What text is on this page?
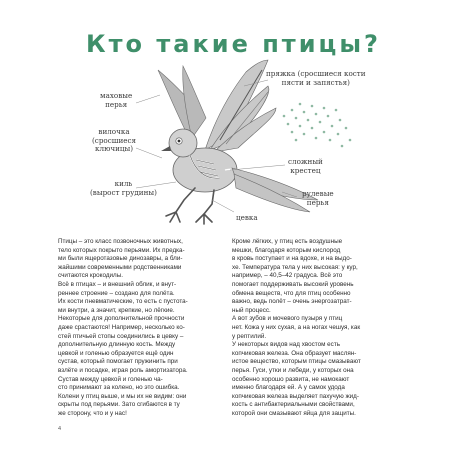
Кто такие птицы?
маховые
перья
вилочка
(сросшиеся
ключицы)
киль
(вырост грудины)
пряжка (сросшиеся кости
пясти и запястья)
сложный
крестец
рулевые
перья
цевка

Птицы – это класс позвоночных животных,
тело которых покрыто перьями. Их предка-
ми были ящеротазовые динозавры, а бли-
жайшими современными родственниками
считаются крокодилы.
Всё в птицах – и внешний облик, и внут-
реннее строение – создано для полёта.
Их кости пневматические, то есть с пустота-
ми внутри, а значит, крепкие, но лёгкие.
Некоторые для дополнительной прочности
даже срастаются! Например, несколько ко-
стей птичьей стопы соединились в цевку –
дополнительную длинную кость. Между
цевкой и голенью образуется ещё один
сустав, который помогает пружинить при
взлёте и посадке, играя роль амортизатора.
Сустав между цевкой и голенью ча-
сто принимают за колено, но это ошибка.
Колени у птиц выше, и мы их не видим: они
скрыты под перьями. Зато сгибаются в ту
же сторону, что и у нас!

Кроме лёгких, у птиц есть воздушные
мешки, благодаря которым кислород
в кровь поступает и на вдохе, и на выдо-
хе. Температура тела у них высокая: у кур,
например, – 40,5–42 градуса. Всё это
помогает поддерживать высокий уровень
обмена веществ, что для птиц особенно
важно, ведь полёт – очень энергозатрат-
ный процесс.
А вот зубов и мочевого пузыря у птиц
нет. Кожа у них сухая, а на ногах чешуя, как
у рептилий.
У некоторых видов над хвостом есть
копчиковая железа. Она образует маслян-
истое вещество, которым птицы смазывают
перья. Гуси, утки и лебеди, у которых она
особенно хорошо развита, не намокают
именно благодаря ей. А у самок удода
копчиковая железа выделяет пахучую жид-
кость с антибактериальными свойствами,
которой они смазывают яйца для защиты.

4
